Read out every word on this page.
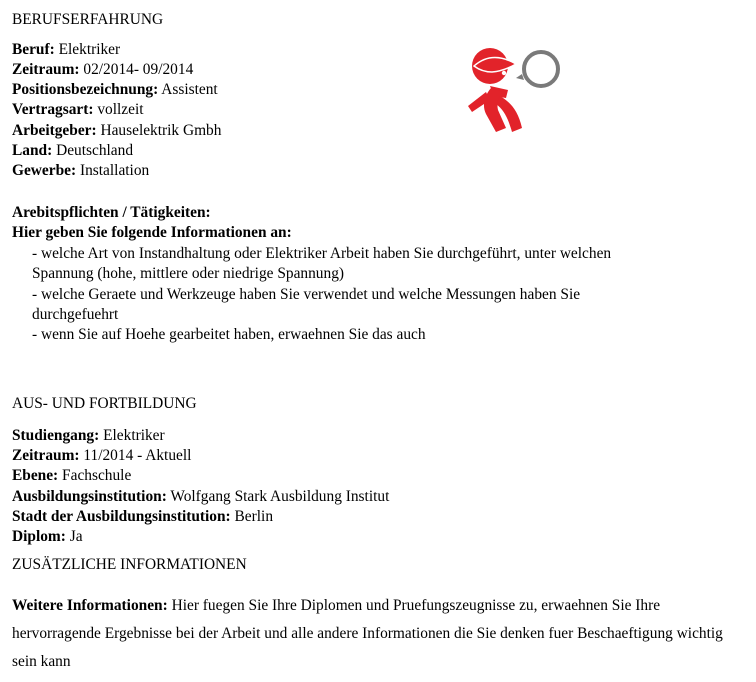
BERUFSERFAHRUNG
Beruf: Elektriker
Zeitraum: 02/2014- 09/2014
Positionsbezeichnung: Assistent
Vertragsart: vollzeit
Arbeitgeber: Hauselektrik Gmbh
Land: Deutschland
Gewerbe: Installation
Arebitspflichten / Tätigkeiten:
Hier geben Sie folgende Informationen an:
- welche Art von Instandhaltung oder Elektriker Arbeit haben Sie durchgeführt, unter welchen
Spannung (hohe, mittlere oder niedrige Spannung)
- welche Geraete und Werkzeuge haben Sie verwendet und welche Messungen haben Sie
durchgefuehrt
- wenn Sie auf Hoehe gearbeitet haben, erwaehnen Sie das auch
AUS- UND FORTBILDUNG
Studiengang: Elektriker
Zeitraum: 11/2014 - Aktuell
Ebene: Fachschule
Ausbildungsinstitution: Wolfgang Stark Ausbildung Institut
Stadt der Ausbildungsinstitution: Berlin
Diplom: Ja
ZUSÄTZLICHE INFORMATIONEN
Weitere Informationen: Hier fuegen Sie Ihre Diplomen und Pruefungszeugnisse zu, erwaehnen Sie Ihre hervorragende Ergebnisse bei der Arbeit und alle andere Informationen die Sie denken fuer Beschaeftigung wichtig sein kann
